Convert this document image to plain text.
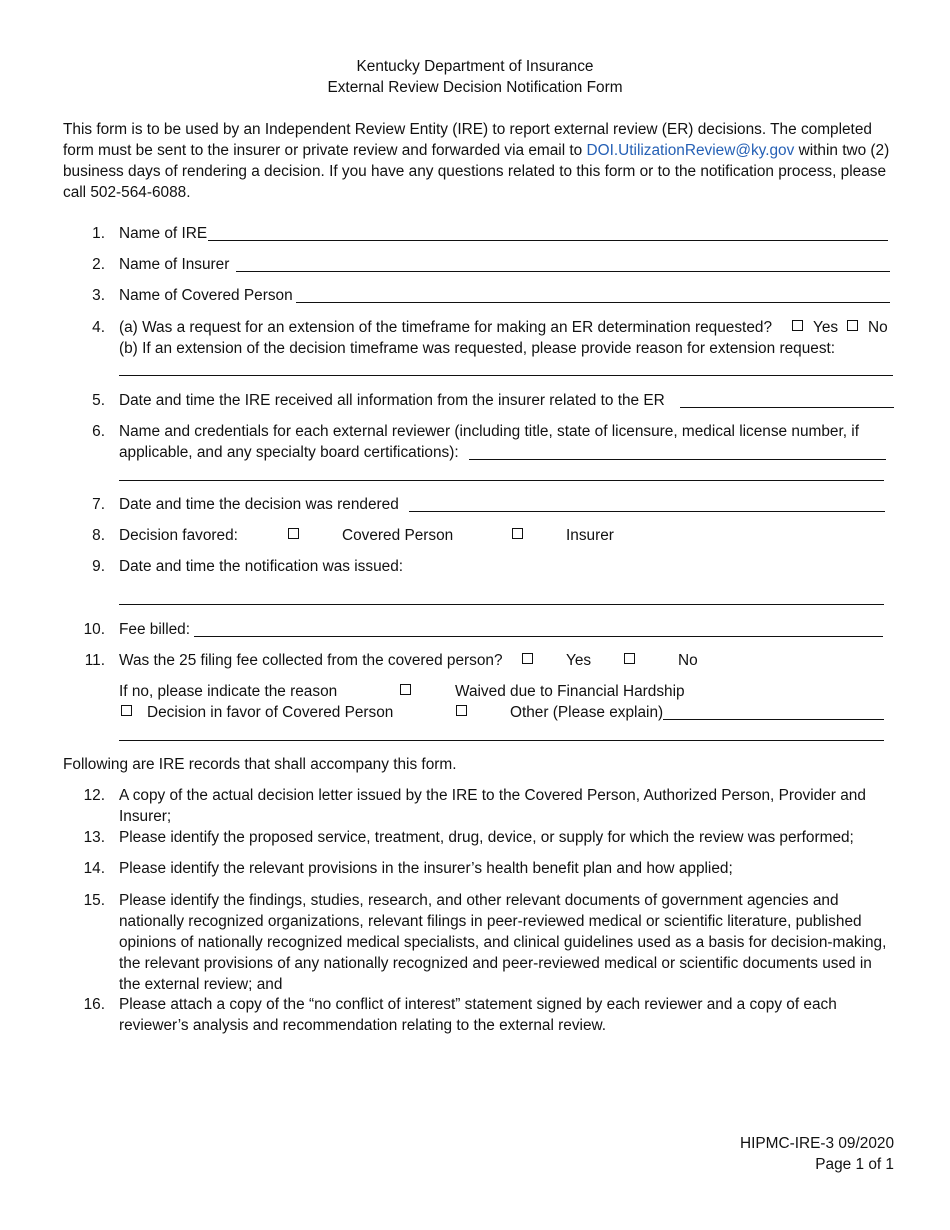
Kentucky Department of Insurance
External Review Decision Notification Form
This form is to be used by an Independent Review Entity (IRE) to report external review (ER) decisions. The completed form must be sent to the insurer or private review and forwarded via email to DOI.UtilizationReview@ky.gov within two (2) business days of rendering a decision. If you have any questions related to this form or to the notification process, please call 502-564-6088.
1. Name of IRE
2. Name of Insurer
3. Name of Covered Person
4. (a) Was a request for an extension of the timeframe for making an ER determination requested?	Yes No
(b) If an extension of the decision timeframe was requested, please provide reason for extension request:
5. Date and time the IRE received all information from the insurer related to the ER
6. Name and credentials for each external reviewer (including title, state of licensure, medical license number, if
applicable, and any specialty board certifications):
7. Date and time the decision was rendered
8. Decision favored:	Covered Person	Insurer
9. Date and time the notification was issued:
10. Fee billed:
11. Was the 25 filing fee collected from the covered person?	Yes	No
If no, please indicate the reason	Waived due to Financial Hardship
Decision in favor of Covered Person	Other (Please explain)
Following are IRE records that shall accompany this form.
12. A copy of the actual decision letter issued by the IRE to the Covered Person, Authorized Person, Provider and Insurer;
13. Please identify the proposed service, treatment, drug, device, or supply for which the review was performed;
14. Please identify the relevant provisions in the insurer’s health benefit plan and how applied;
15. Please identify the findings, studies, research, and other relevant documents of government agencies and nationally recognized organizations, relevant filings in peer-reviewed medical or scientific literature, published opinions of nationally recognized medical specialists, and clinical guidelines used as a basis for decision-making, the relevant provisions of any nationally recognized and peer-reviewed medical or scientific documents used in the external review; and
16. Please attach a copy of the “no conflict of interest” statement signed by each reviewer and a copy of each reviewer’s analysis and recommendation relating to the external review.
HIPMC-IRE-3 09/2020
Page 1 of 1
